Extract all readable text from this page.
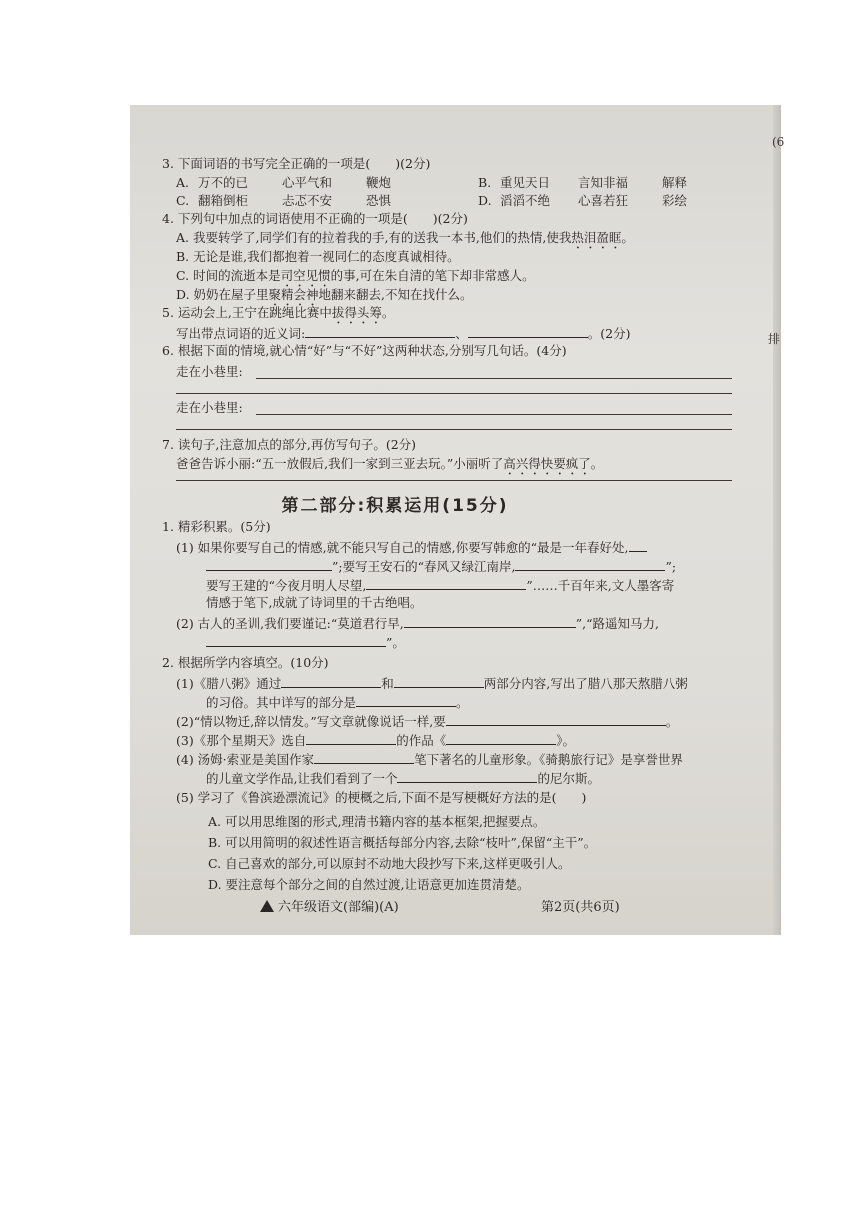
(6
排
3. 下面词语的书写完全正确的一项是(　　)(2分)
A. 万不的已	心平气和	鞭炮	B. 重见天日 言知非福	解释
C. 翻箱倒柜	忐忑不安	恐惧	D. 滔滔不绝 心喜若狂	彩绘
4. 下列句中加点的词语使用不正确的一项是(　　)(2分)
A. 我要转学了,同学们有的拉着我的手,有的送我一本书,他们的热情,使我热泪盈眶。
B. 无论是谁,我们都抱着一视同仁的态度真诚相待。
C. 时间的流逝本是司空见惯的事,可在朱自清的笔下却非常感人。
D. 奶奶在屋子里聚精会神地翻来翻去,不知在找什么。
5. 运动会上,王宁在跳绳比赛中拔得头筹。
写出带点词语的近义词:	、	。(2分)
6. 根据下面的情境,就心情“好”与“不好”这两种状态,分别写几句话。(4分)
走在小巷里:
走在小巷里:
7. 读句子,注意加点的部分,再仿写句子。(2分)
爸爸告诉小丽:“五一放假后,我们一家到三亚去玩。”小丽听了高兴得快要疯了。
第二部分:积累运用(15分)
1. 精彩积累。(5分)
(1) 如果你要写自己的情感,就不能只写自己的情感,你要写韩愈的“最是一年春好处,
”;要写王安石的“春风又绿江南岸,	”;
要写王建的“今夜月明人尽望,	”……千百年来,文人墨客寄
情感于笔下,成就了诗词里的千古绝唱。
(2) 古人的圣训,我们要谨记:“莫道君行早,	”,“路遥知马力,
”。
2. 根据所学内容填空。(10分)
(1)《腊八粥》通过	和	两部分内容,写出了腊八那天熬腊八粥
的习俗。其中详写的部分是	。
(2)“情以物迁,辞以情发。”写文章就像说话一样,要	。
(3)《那个星期天》选自	的作品《	》。
(4) 汤姆·索亚是美国作家	笔下著名的儿童形象。《骑鹅旅行记》是享誉世界
的儿童文学作品,让我们看到了一个	的尼尔斯。
(5) 学习了《鲁滨逊漂流记》的梗概之后,下面不是写梗概好方法的是(　　)
A. 可以用思维图的形式,理清书籍内容的基本框架,把握要点。
B. 可以用简明的叙述性语言概括每部分内容,去除“枝叶”,保留“主干”。
C. 自己喜欢的部分,可以原封不动地大段抄写下来,这样更吸引人。
D. 要注意每个部分之间的自然过渡,让语意更加连贯清楚。
六年级语文(部编)(A)	第2页(共6页)
